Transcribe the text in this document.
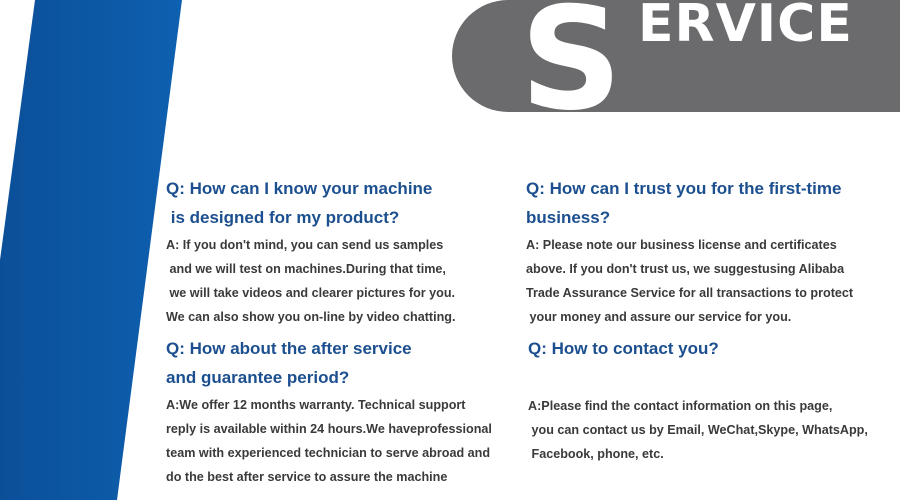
S ERVICE
Q: How can I know your machine
is designed for my product?
A: If you don't mind, you can send us samples
and we will test on machines.During that time,
we will take videos and clearer pictures for you.
We can also show you on-line by video chatting.
Q: How can I trust you for the first-time
business?
A: Please note our business license and certificates
above. If you don't trust us, we suggestusing Alibaba
Trade Assurance Service for all transactions to protect
your money and assure our service for you.
Q: How about the after service
and guarantee period?
A:We offer 12 months warranty. Technical support
reply is available within 24 hours.We haveprofessional
team with experienced technician to serve abroad and
do the best after service to assure the machine
Q: How to contact you?
A:Please find the contact information on this page,
you can contact us by Email, WeChat,Skype, WhatsApp,
Facebook, phone, etc.
